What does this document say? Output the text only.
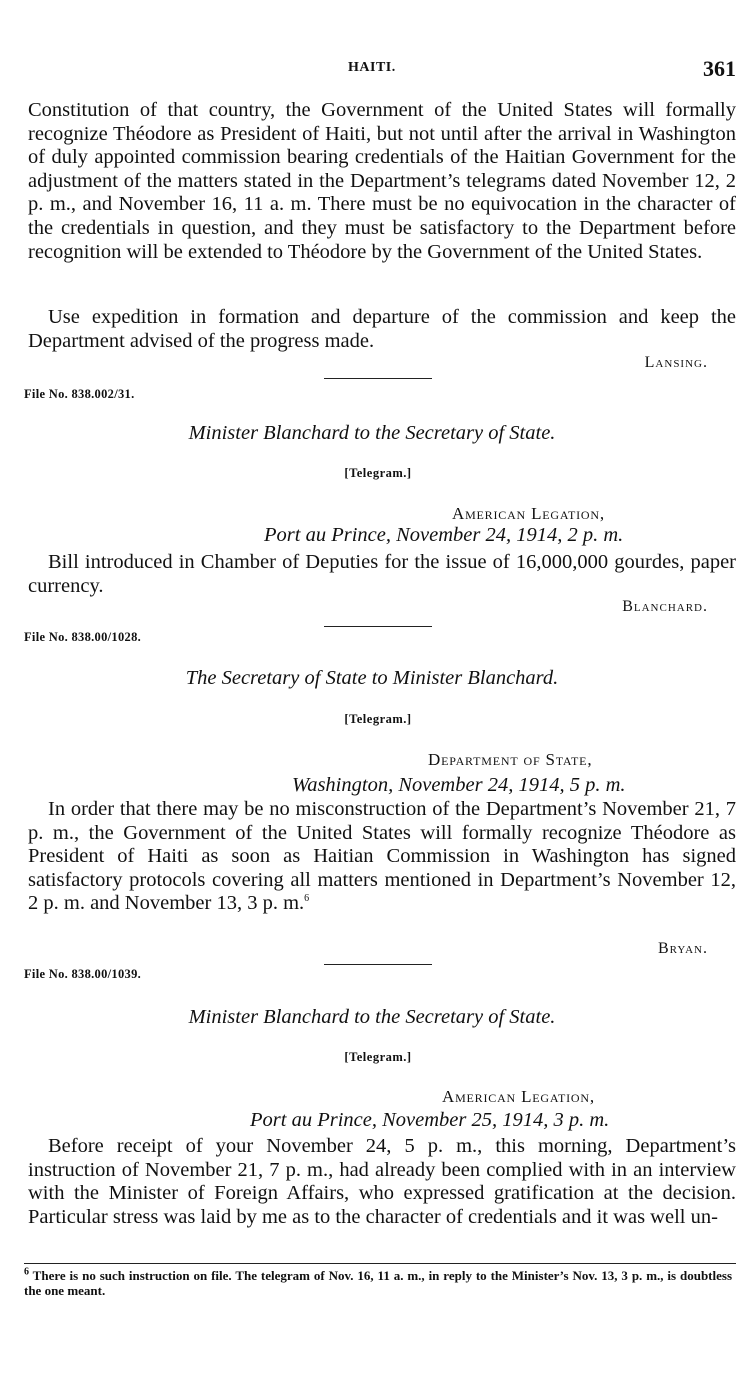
HAITI.	361
Constitution of that country, the Government of the United States will formally recognize Théodore as President of Haiti, but not until after the arrival in Washington of duly appointed commission bearing credentials of the Haitian Government for the adjustment of the matters stated in the Department’s telegrams dated November 12, 2 p. m., and November 16, 11 a. m. There must be no equivocation in the character of the credentials in question, and they must be satisfactory to the Department before recognition will be extended to Théodore by the Government of the United States.
Use expedition in formation and departure of the commission and keep the Department advised of the progress made.
Lansing.
File No. 838.002/31.
Minister Blanchard to the Secretary of State.
[Telegram.]
American Legation,
Port au Prince, November 24, 1914, 2 p. m.
Bill introduced in Chamber of Deputies for the issue of 16,000,000 gourdes, paper currency.
Blanchard.
File No. 838.00/1028.
The Secretary of State to Minister Blanchard.
[Telegram.]
Department of State,
Washington, November 24, 1914, 5 p. m.
In order that there may be no misconstruction of the Department’s November 21, 7 p. m., the Government of the United States will formally recognize Théodore as President of Haiti as soon as Haitian Commission in Washington has signed satisfactory protocols covering all matters mentioned in Department’s November 12, 2 p. m. and November 13, 3 p. m.$^6$
Bryan.
File No. 838.00/1039.
Minister Blanchard to the Secretary of State.
[Telegram.]
American Legation,
Port au Prince, November 25, 1914, 3 p. m.
Before receipt of your November 24, 5 p. m., this morning, Department’s instruction of November 21, 7 p. m., had already been complied with in an interview with the Minister of Foreign Affairs, who expressed gratification at the decision. Particular stress was laid by me as to the character of credentials and it was well un-
$^6$ There is no such instruction on file. The telegram of Nov. 16, 11 a. m., in reply to the Minister’s Nov. 13, 3 p. m., is doubtless the one meant.
